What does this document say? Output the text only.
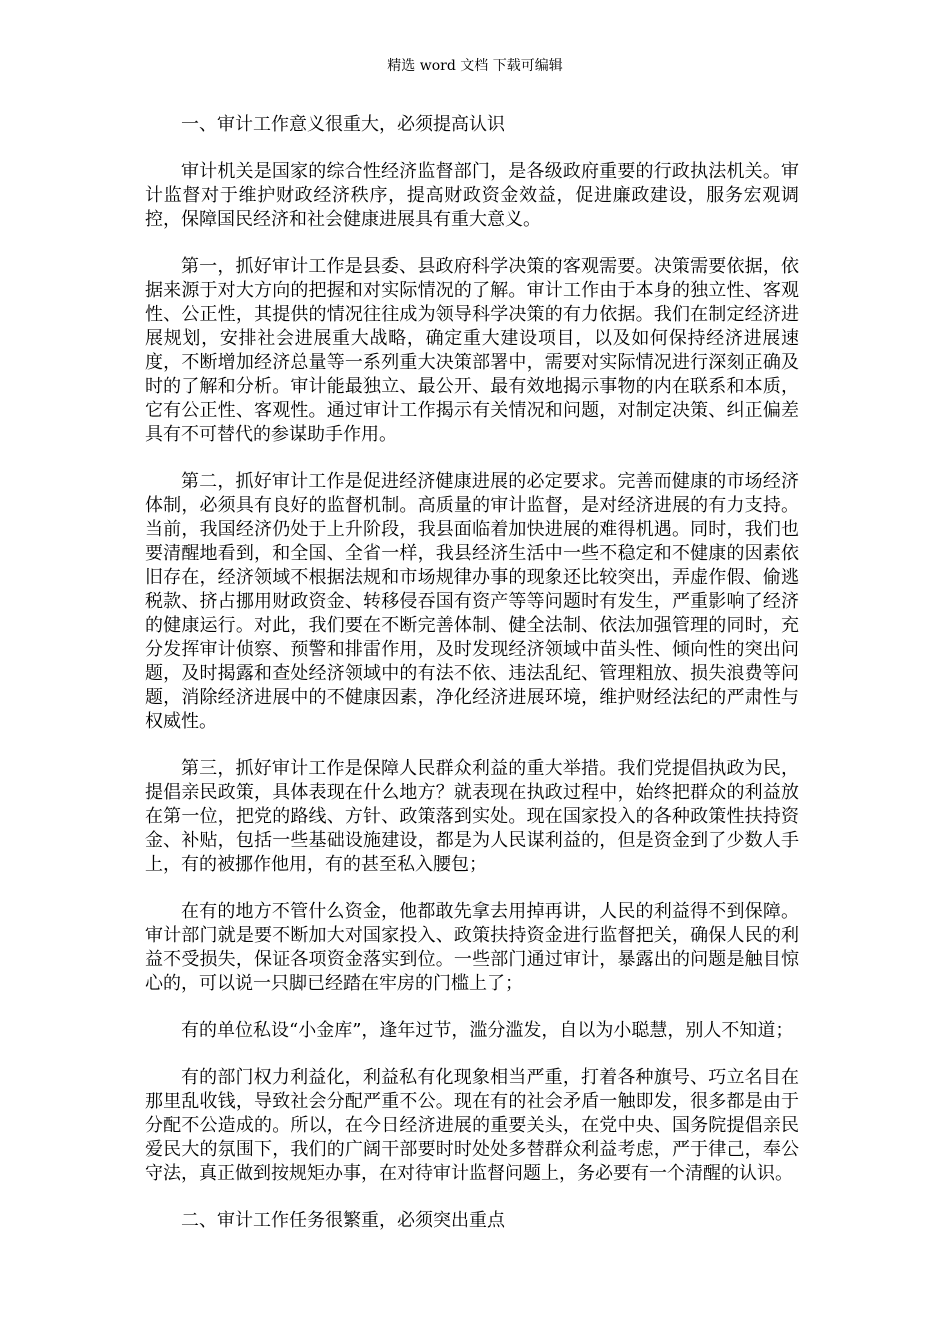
精选 word 文档 下载可编辑

一、审计工作意义很重大，必须提高认识

审计机关是国家的综合性经济监督部门，是各级政府重要的行政执法机关。审计监督对于维护财政经济秩序，提高财政资金效益，促进廉政建设，服务宏观调控，保障国民经济和社会健康进展具有重大意义。

第一，抓好审计工作是县委、县政府科学决策的客观需要。决策需要依据，依据来源于对大方向的把握和对实际情况的了解。审计工作由于本身的独立性、客观性、公正性，其提供的情况往往成为领导科学决策的有力依据。我们在制定经济进展规划，安排社会进展重大战略，确定重大建设项目，以及如何保持经济进展速度，不断增加经济总量等一系列重大决策部署中，需要对实际情况进行深刻正确及时的了解和分析。审计能最独立、最公开、最有效地揭示事物的内在联系和本质，它有公正性、客观性。通过审计工作揭示有关情况和问题，对制定决策、纠正偏差具有不可替代的参谋助手作用。

第二，抓好审计工作是促进经济健康进展的必定要求。完善而健康的市场经济体制，必须具有良好的监督机制。高质量的审计监督，是对经济进展的有力支持。当前，我国经济仍处于上升阶段，我县面临着加快进展的难得机遇。同时，我们也要清醒地看到，和全国、全省一样，我县经济生活中一些不稳定和不健康的因素依旧存在，经济领域不根据法规和市场规律办事的现象还比较突出，弄虚作假、偷逃税款、挤占挪用财政资金、转移侵吞国有资产等等问题时有发生，严重影响了经济的健康运行。对此，我们要在不断完善体制、健全法制、依法加强管理的同时，充分发挥审计侦察、预警和排雷作用，及时发现经济领域中苗头性、倾向性的突出问题，及时揭露和查处经济领域中的有法不依、违法乱纪、管理粗放、损失浪费等问题，消除经济进展中的不健康因素，净化经济进展环境，维护财经法纪的严肃性与权威性。

第三，抓好审计工作是保障人民群众利益的重大举措。我们党提倡执政为民，提倡亲民政策，具体表现在什么地方？就表现在执政过程中，始终把群众的利益放在第一位，把党的路线、方针、政策落到实处。现在国家投入的各种政策性扶持资金、补贴，包括一些基础设施建设，都是为人民谋利益的，但是资金到了少数人手上，有的被挪作他用，有的甚至私入腰包；

在有的地方不管什么资金，他都敢先拿去用掉再讲，人民的利益得不到保障。审计部门就是要不断加大对国家投入、政策扶持资金进行监督把关，确保人民的利益不受损失，保证各项资金落实到位。一些部门通过审计，暴露出的问题是触目惊心的，可以说一只脚已经踏在牢房的门槛上了；

有的单位私设“小金库”，逢年过节，滥分滥发，自以为小聪慧，别人不知道；

有的部门权力利益化，利益私有化现象相当严重，打着各种旗号、巧立名目在那里乱收钱，导致社会分配严重不公。现在有的社会矛盾一触即发，很多都是由于分配不公造成的。所以，在今日经济进展的重要关头，在党中央、国务院提倡亲民爱民大的氛围下，我们的广阔干部要时时处处多替群众利益考虑，严于律己，奉公守法，真正做到按规矩办事，在对待审计监督问题上，务必要有一个清醒的认识。

二、审计工作任务很繁重，必须突出重点
